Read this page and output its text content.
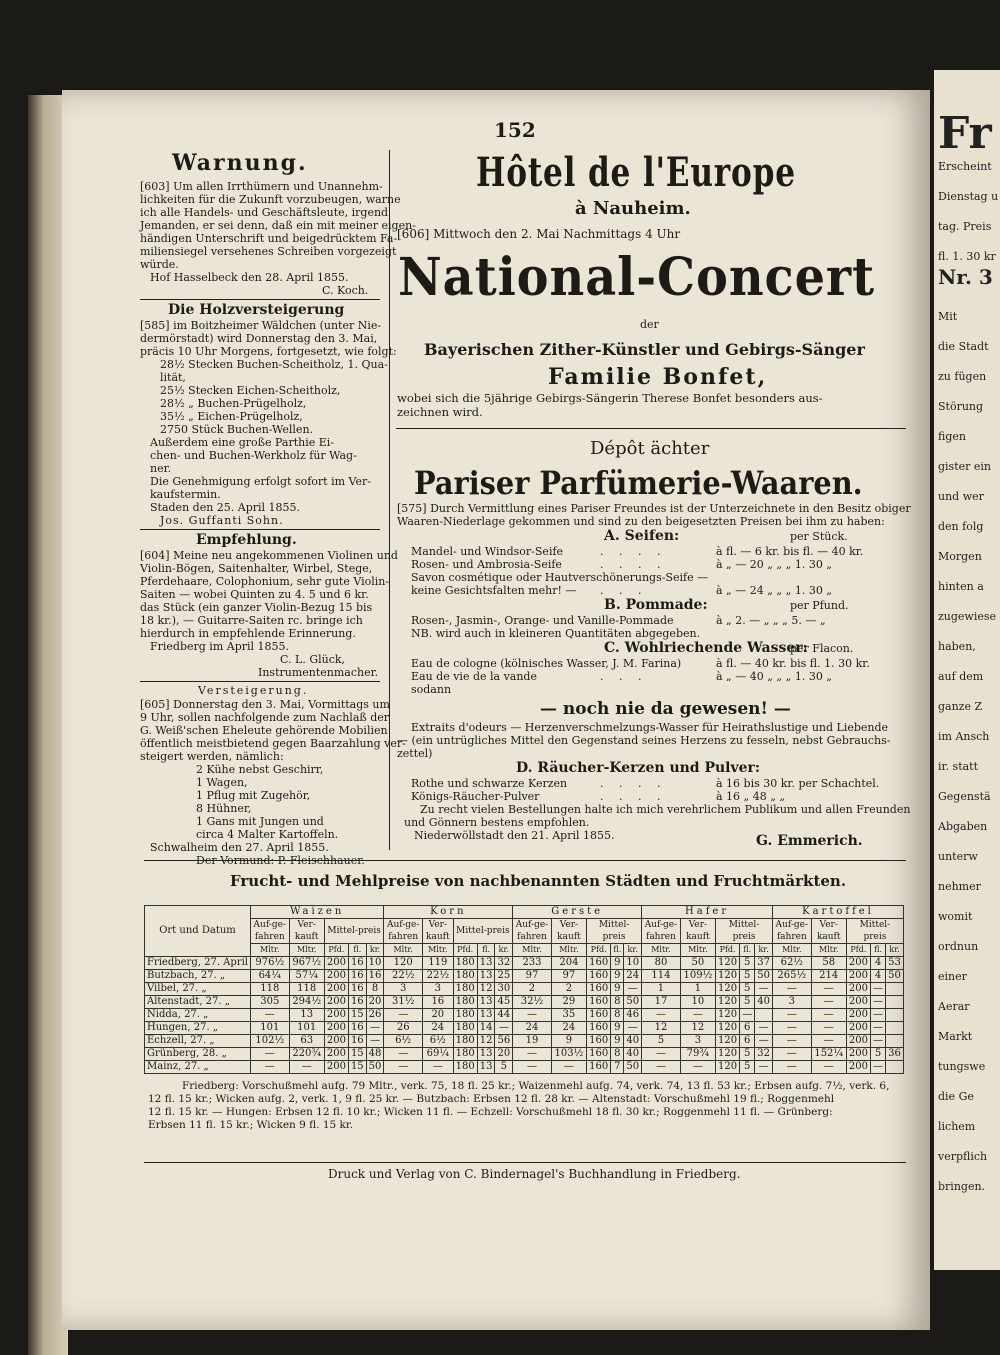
Fr
Erscheint
Dienstag u
tag. Preis
fl. 1. 30 kr
Nr. 3
Mit
die Stadt
zu fügen
Störung
figen
gister ein
und wer
den folg
Morgen
hinten a
zugewiese
haben,
auf dem
ganze Z
im Ansch
ir. statt
Gegenstä
Abgaben
unterw
nehmer
womit
ordnun
einer
Aerar
Markt
tungswe
die Ge
lichem
verpflich
bringen.
152
Hôtel de l'Europe
à Nauheim.
[606] Mittwoch den 2. Mai Nachmittags 4 Uhr
National-Concert
der
Bayerischen Zither-Künstler und Gebirgs-Sänger
Familie Bonfet,
Dépôt ächter
Pariser Parfümerie-Waaren.
Frucht- und Mehlpreise von nachbenannten Städten und Fruchtmärkten.
Ort und Datum	Waizen					Korn					Gerste					Hafer					Kartoffel				
	Auf-ge-fahren	Ver-kauft	Mittel-preis			Auf-ge-fahren	Ver-kauft	Mittel-preis			Auf-ge-fahren	Ver-kauft	Mittel-preis			Auf-ge-fahren	Ver-kauft	Mittel-preis			Auf-ge-fahren	Ver-kauft	Mittel-preis		
	Mltr.	Mltr.	Pfd.	fl.	kr.	Mltr.	Mltr.	Pfd.	fl.	kr.	Mltr.	Mltr.	Pfd.	fl.	kr.	Mltr.	Mltr.	Pfd.	fl.	kr.	Mltr.	Mltr.	Pfd.	fl.	kr.
Friedberg, 27. April	976½	967½	200	16	10	120	119	180	13	32	233	204	160	9	10	80	50	120	5	37	62½	58	200	4	53
Butzbach, 27. „	64¼	57¼	200	16	16	22½	22½	180	13	25	97	97	160	9	24	114	109½	120	5	50	265½	214	200	4	50
Vilbel, 27. „	118	118	200	16	8	3	3	180	12	30	2	2	160	9	—	1	1	120	5	—	—	—	200	—	
Altenstadt, 27. „	305	294½	200	16	20	31½	16	180	13	45	32½	29	160	8	50	17	10	120	5	40	3	—	200	—	
Nidda, 27. „	—	13	200	15	26	—	20	180	13	44	—	35	160	8	46	—	—	120	—		—	—	200	—	
Hungen, 27. „	101	101	200	16	—	26	24	180	14	—	24	24	160	9	—	12	12	120	6	—	—	—	200	—	
Echzell, 27. „	102½	63	200	16	—	6½	6½	180	12	56	19	9	160	9	40	5	3	120	6	—	—	—	200	—	
Grünberg, 28. „	—	220¾	200	15	48	—	69¼	180	13	20	—	103½	160	8	40	—	79¾	120	5	32	—	152¼	200	5	36
Mainz, 27. „	—	—	200	15	50	—	—	180	13	5	—	—	160	7	50	—	—	120	5	—	—	—	200	—	
Druck und Verlag von C. Bindernagel's Buchhandlung in Friedberg.
Warnung.
[603] Um allen Irrthümern und Unannehm-
lichkeiten für die Zukunft vorzubeugen, warne
ich alle Handels- und Geschäftsleute, irgend
Jemanden, er sei denn, daß ein mit meiner eigen-
händigen Unterschrift und beigedrücktem Fa-
miliensiegel versehenes Schreiben vorgezeigt
würde.
Hof Hasselbeck den 28. April 1855.
C. Koch.
Die Holzversteigerung
[585] im Boitzheimer Wäldchen (unter Nie-
dermörstadt) wird Donnerstag den 3. Mai,
präcis 10 Uhr Morgens, fortgesetzt, wie folgt:
28½ Stecken Buchen-Scheitholz, 1. Qua-
lität,
25½ Stecken Eichen-Scheitholz,
28½ „ Buchen-Prügelholz,
35½ „ Eichen-Prügelholz,
2750 Stück Buchen-Wellen.
Außerdem eine große Parthie Ei-
chen- und Buchen-Werkholz für Wag-
ner.
Die Genehmigung erfolgt sofort im Ver-
kaufstermin.
Staden den 25. April 1855.
Jos. Guffanti Sohn.
Empfehlung.
[604] Meine neu angekommenen Violinen und
Violin-Bögen, Saitenhalter, Wirbel, Stege,
Pferdehaare, Colophonium, sehr gute Violin-
Saiten — wobei Quinten zu 4. 5 und 6 kr.
das Stück (ein ganzer Violin-Bezug 15 bis
18 kr.), — Guitarre-Saiten rc. bringe ich
hierdurch in empfehlende Erinnerung.
Friedberg im April 1855.
C. L. Glück,
Instrumentenmacher.
Versteigerung.
[605] Donnerstag den 3. Mai, Vormittags um
9 Uhr, sollen nachfolgende zum Nachlaß der
G. Weiß'schen Eheleute gehörende Mobilien
öffentlich meistbietend gegen Baarzahlung ver-
steigert werden, nämlich:
2 Kühe nebst Geschirr,
1 Wagen,
1 Pflug mit Zugehör,
8 Hühner,
1 Gans mit Jungen und
circa 4 Malter Kartoffeln.
Schwalheim den 27. April 1855.
Der Vormund: P. Fleischhauer.
wobei sich die 5jährige Gebirgs-Sängerin Therese Bonfet besonders aus-
zeichnen wird.
[575] Durch Vermittlung eines Pariser Freundes ist der Unterzeichnete in den Besitz obiger
Waaren-Niederlage gekommen und sind zu den beigesetzten Preisen bei ihm zu haben:
A. Seifen:	per Stück.
Mandel- und Windsor-Seife	. . . .	à fl. — 6 kr. bis fl. — 40 kr.
Rosen- und Ambrosia-Seife	. . . .	à „ — 20 „ „ „ 1. 30 „
Savon cosmétique oder Hautverschönerungs-Seife —
keine Gesichtsfalten mehr! — . . .	à „ — 24 „ „ „ 1. 30 „
B. Pommade:	per Pfund.
Rosen-, Jasmin-, Orange- und Vanille-Pommade	à „ 2. — „ „ „ 5. — „
NB. wird auch in kleineren Quantitäten abgegeben.
C. Wohlriechende Wasser:
per Flacon.
Eau de cologne (kölnisches Wasser, J. M. Farina)	à fl. — 40 kr. bis fl. 1. 30 kr.
Eau de vie de la vande	. . .	à „ — 40 „ „ „ 1. 30 „
sodann
— noch nie da gewesen! —
Extraits d'odeurs — Herzenverschmelzungs-Wasser für Heirathslustige und Liebende
— (ein untrügliches Mittel den Gegenstand seines Herzens zu fesseln, nebst Gebrauchs-
zettel)
D. Räucher-Kerzen und Pulver:
Rothe und schwarze Kerzen	. . . .	à 16 bis 30 kr. per Schachtel.
Königs-Räucher-Pulver	. . . .	à 16 „ 48 „ „
Zu recht vielen Bestellungen halte ich mich verehrlichem Publikum und allen Freunden
und Gönnern bestens empfohlen.
Niederwöllstadt den 21. April 1855.	G. Emmerich.
Friedberg: Vorschußmehl aufg. 79 Mltr., verk. 75, 18 fl. 25 kr.; Waizenmehl aufg. 74, verk. 74, 13 fl. 53 kr.; Erbsen aufg. 7½, verk. 6,
12 fl. 15 kr.; Wicken aufg. 2, verk. 1, 9 fl. 25 kr. — Butzbach: Erbsen 12 fl. 28 kr. — Altenstadt: Vorschußmehl 19 fl.; Roggenmehl
12 fl. 15 kr. — Hungen: Erbsen 12 fl. 10 kr.; Wicken 11 fl. — Echzell: Vorschußmehl 18 fl. 30 kr.; Roggenmehl 11 fl. — Grünberg:
Erbsen 11 fl. 15 kr.; Wicken 9 fl. 15 kr.
